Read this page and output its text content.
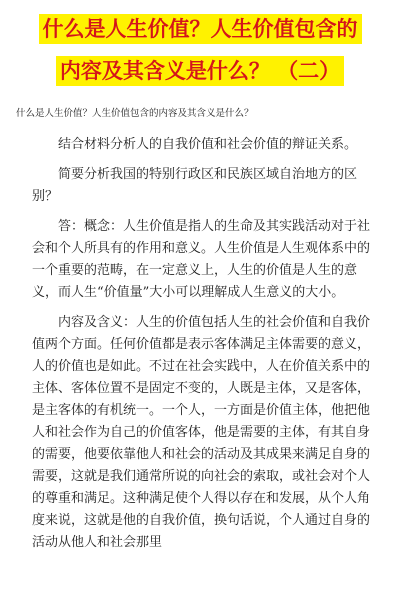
什么是人生价值？人生价值包含的
内容及其含义是什么？ （二）
什么是人生价值？人生价值包含的内容及其含义是什么？

结合材料分析人的自我价值和社会价值的辩证关系。

简要分析我国的特别行政区和民族区域自治地方的区别？

答：概念：人生价值是指人的生命及其实践活动对于社会和个人所具有的作用和意义。人生价值是人生观体系中的一个重要的范畴，在一定意义上，人生的价值是人生的意义，而人生“价值量”大小可以理解成人生意义的大小。

内容及含义：人生的价值包括人生的社会价值和自我价值两个方面。任何价值都是表示客体满足主体需要的意义，人的价值也是如此。不过在社会实践中，人在价值关系中的主体、客体位置不是固定不变的，人既是主体，又是客体，是主客体的有机统一。一个人，一方面是价值主体，他把他人和社会作为自己的价值客体，他是需要的主体，有其自身的需要，他要依靠他人和社会的活动及其成果来满足自身的需要，这就是我们通常所说的向社会的索取，或社会对个人的尊重和满足。这种满足使个人得以存在和发展，从个人角度来说，这就是他的自我价值，换句话说，个人通过自身的活动从他人和社会那里
